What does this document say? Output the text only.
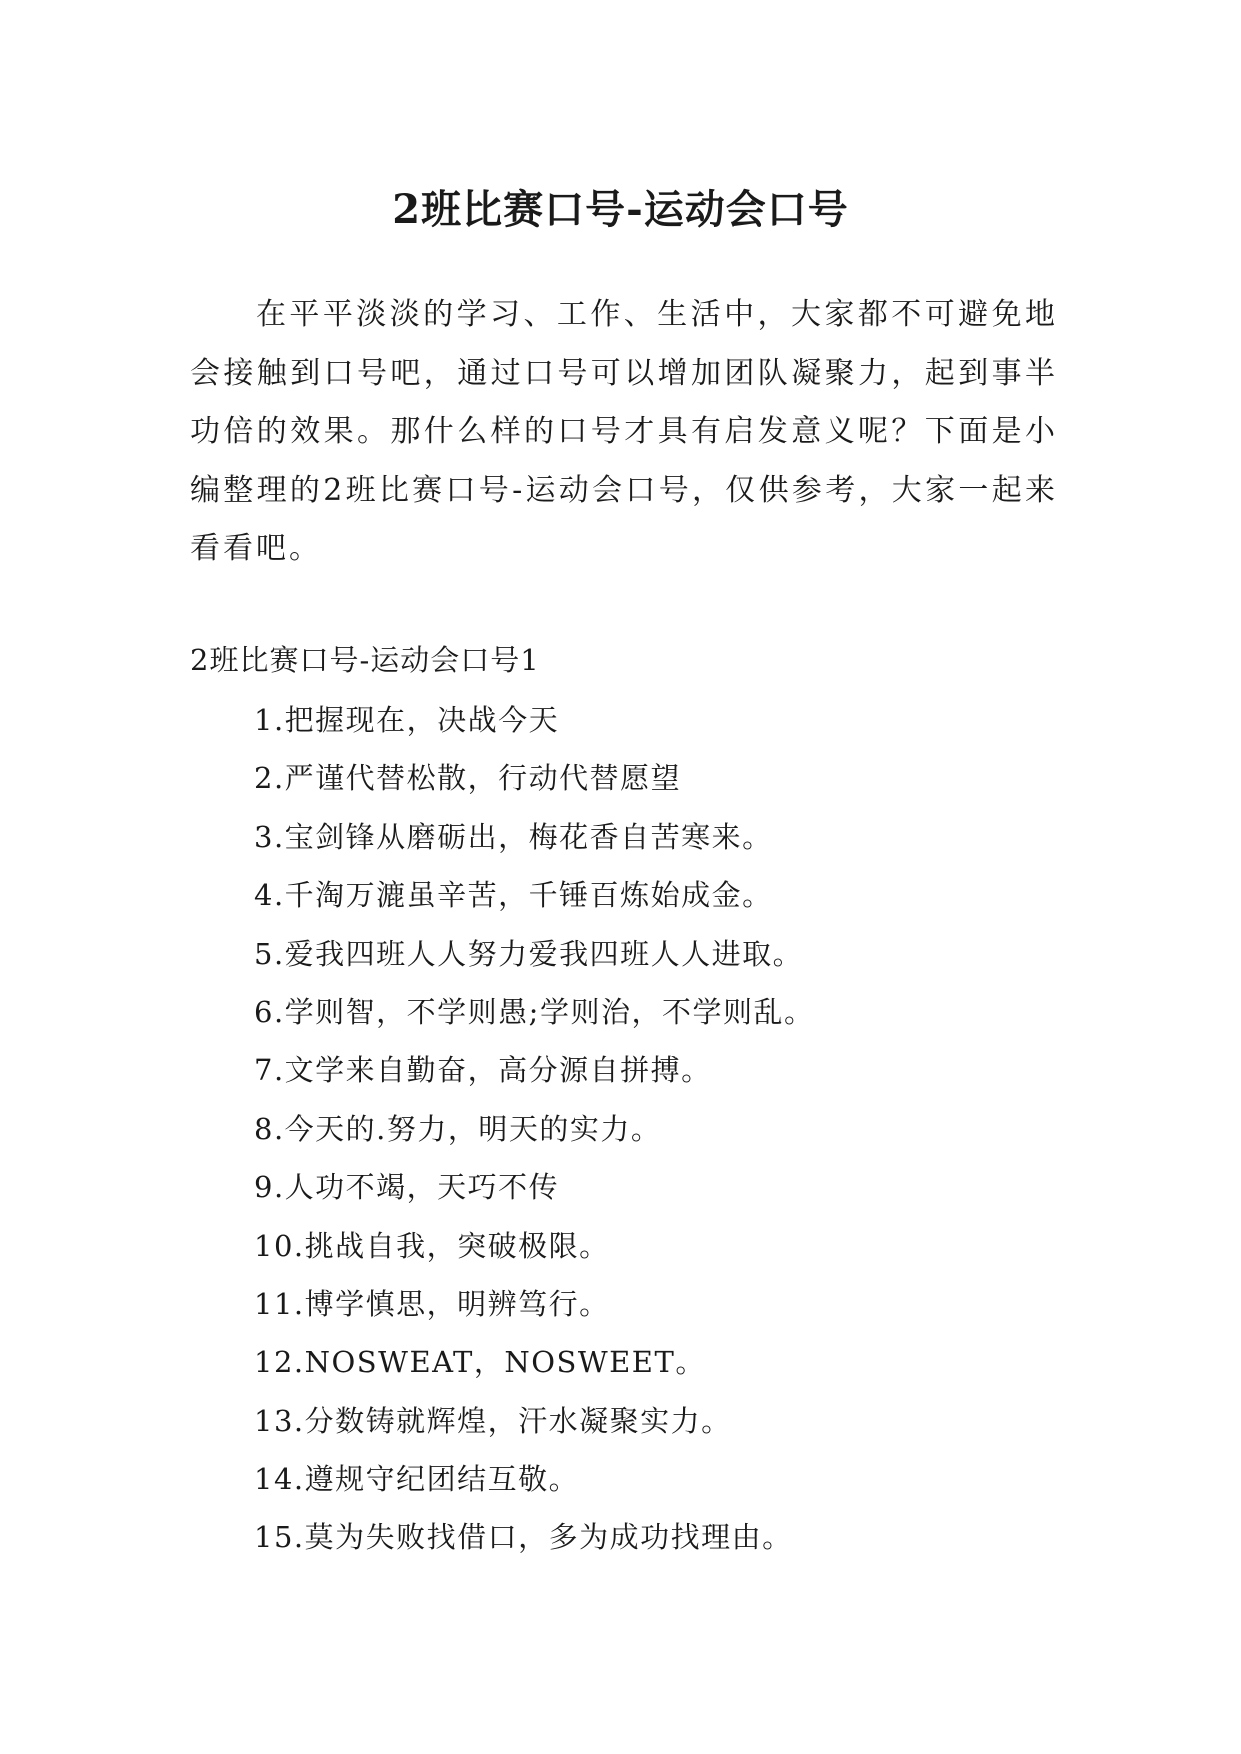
2班比赛口号-运动会口号

在平平淡淡的学习、工作、生活中，大家都不可避免地会接触到口号吧，通过口号可以增加团队凝聚力，起到事半功倍的效果。那什么样的口号才具有启发意义呢？下面是小编整理的2班比赛口号-运动会口号，仅供参考，大家一起来看看吧。

2班比赛口号-运动会口号1
1.把握现在，决战今天
2.严谨代替松散，行动代替愿望
3.宝剑锋从磨砺出，梅花香自苦寒来。
4.千淘万漉虽辛苦，千锤百炼始成金。
5.爱我四班人人努力爱我四班人人进取。
6.学则智，不学则愚;学则治，不学则乱。
7.文学来自勤奋，高分源自拼搏。
8.今天的.努力，明天的实力。
9.人功不竭，天巧不传
10.挑战自我，突破极限。
11.博学慎思，明辨笃行。
12.NOSWEAT，NOSWEET。
13.分数铸就辉煌，汗水凝聚实力。
14.遵规守纪团结互敬。
15.莫为失败找借口，多为成功找理由。
